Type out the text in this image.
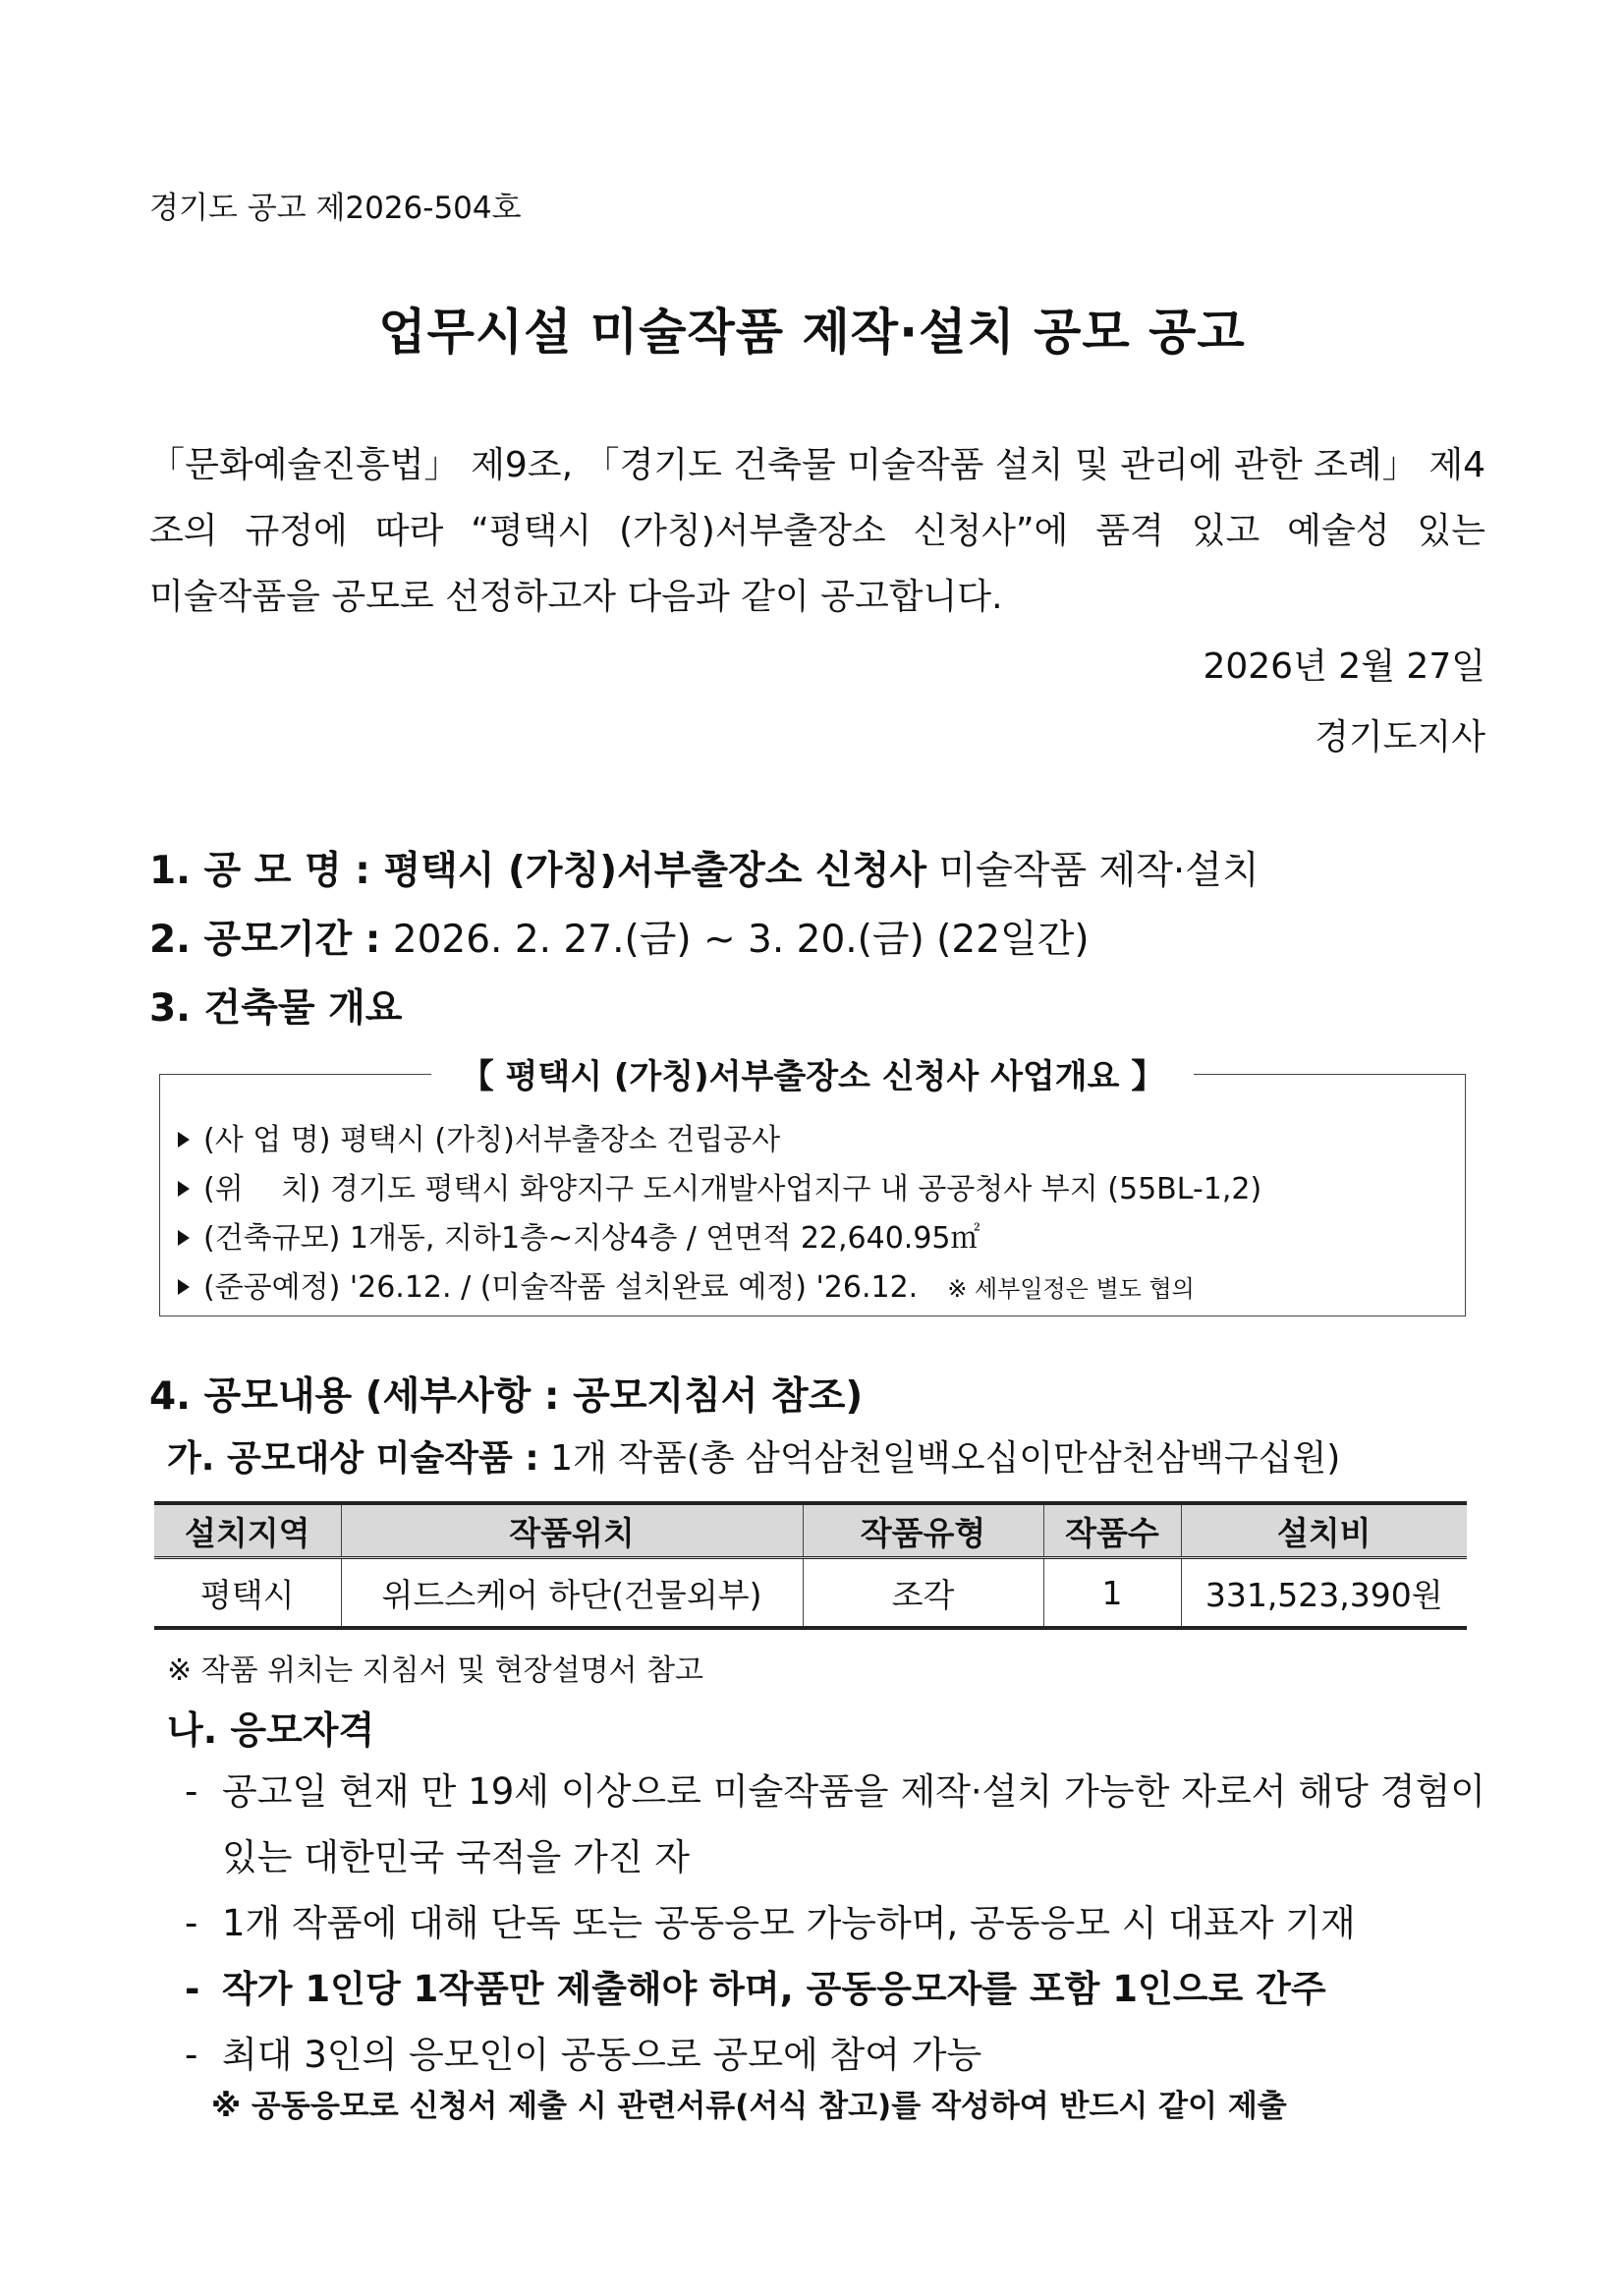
경기도 공고 제2026-504호
업무시설 미술작품 제작·설치 공모 공고
「문화예술진흥법」 제9조, 「경기도 건축물 미술작품 설치 및 관리에 관한 조례」 제4조의 규정에 따라 “평택시 (가칭)서부출장소 신청사”에 품격 있고 예술성 있는
미술작품을 공모로 선정하고자 다음과 같이 공고합니다.
2026년 2월 27일
경기도지사
1. 공 모 명 : 평택시 (가칭)서부출장소 신청사 미술작품 제작·설치
2. 공모기간 : 2026. 2. 27.(금) ~ 3. 20.(금) (22일간)
3. 건축물 개요
【 평택시 (가칭)서부출장소 신청사 사업개요 】
(사 업 명) 평택시 (가칭)서부출장소 건립공사
(위    치) 경기도 평택시 화양지구 도시개발사업지구 내 공공청사 부지 (55BL-1,2)
(건축규모) 1개동, 지하1층~지상4층 / 연면적 22,640.95㎡
(준공예정) '26.12. / (미술작품 설치완료 예정) '26.12. ※ 세부일정은 별도 협의
4. 공모내용 (세부사항 : 공모지침서 참조)
가. 공모대상 미술작품 : 1개 작품(총 삼억삼천일백오십이만삼천삼백구십원)
설치지역	작품위치	작품유형	작품수	설치비
평택시	위드스케어 하단(건물외부)	조각	1	331,523,390원
※ 작품 위치는 지침서 및 현장설명서 참고
나. 응모자격
- 공고일 현재 만 19세 이상으로 미술작품을 제작·설치 가능한 자로서 해당 경험이
있는 대한민국 국적을 가진 자
- 1개 작품에 대해 단독 또는 공동응모 가능하며, 공동응모 시 대표자 기재
- 작가 1인당 1작품만 제출해야 하며, 공동응모자를 포함 1인으로 간주
- 최대 3인의 응모인이 공동으로 공모에 참여 가능
※ 공동응모로 신청서 제출 시 관련서류(서식 참고)를 작성하여 반드시 같이 제출
